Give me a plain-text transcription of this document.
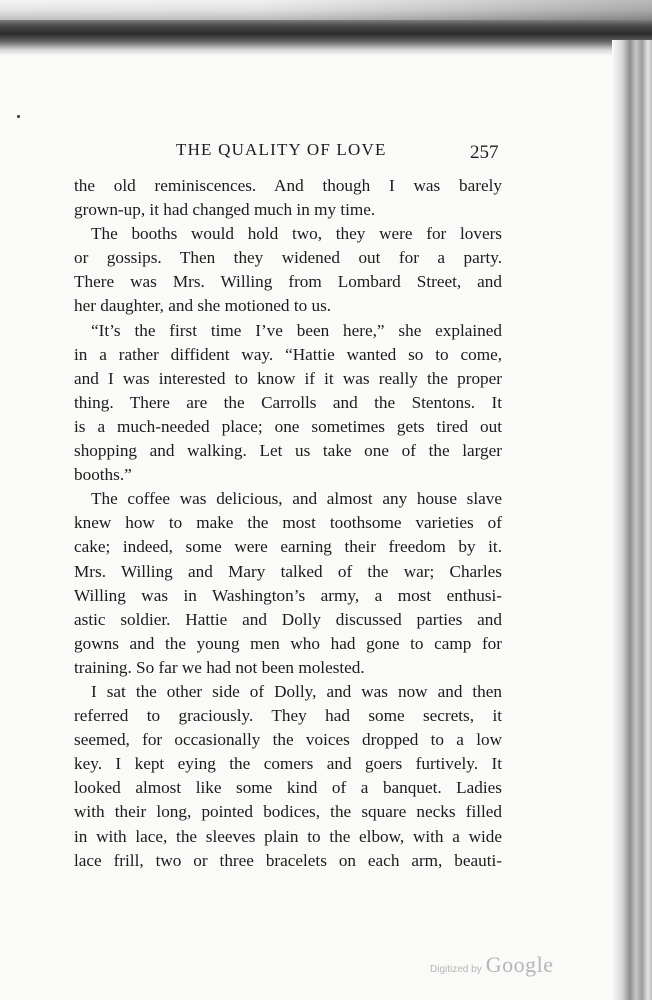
THE QUALITY OF LOVE	257
the old reminiscences. And though I was barely
grown-up, it had changed much in my time.
The booths would hold two, they were for lovers
or gossips. Then they widened out for a party.
There was Mrs. Willing from Lombard Street, and
her daughter, and she motioned to us.
“It’s the first time I’ve been here,” she explained
in a rather diffident way. “Hattie wanted so to come,
and I was interested to know if it was really the proper
thing. There are the Carrolls and the Stentons. It
is a much-needed place; one sometimes gets tired out
shopping and walking. Let us take one of the larger
booths.”
The coffee was delicious, and almost any house slave
knew how to make the most toothsome varieties of
cake; indeed, some were earning their freedom by it.
Mrs. Willing and Mary talked of the war; Charles
Willing was in Washington’s army, a most enthusi-
astic soldier. Hattie and Dolly discussed parties and
gowns and the young men who had gone to camp for
training. So far we had not been molested.
I sat the other side of Dolly, and was now and then
referred to graciously. They had some secrets, it
seemed, for occasionally the voices dropped to a low
key. I kept eying the comers and goers furtively. It
looked almost like some kind of a banquet. Ladies
with their long, pointed bodices, the square necks filled
in with lace, the sleeves plain to the elbow, with a wide
lace frill, two or three bracelets on each arm, beauti-
Digitized by Google
